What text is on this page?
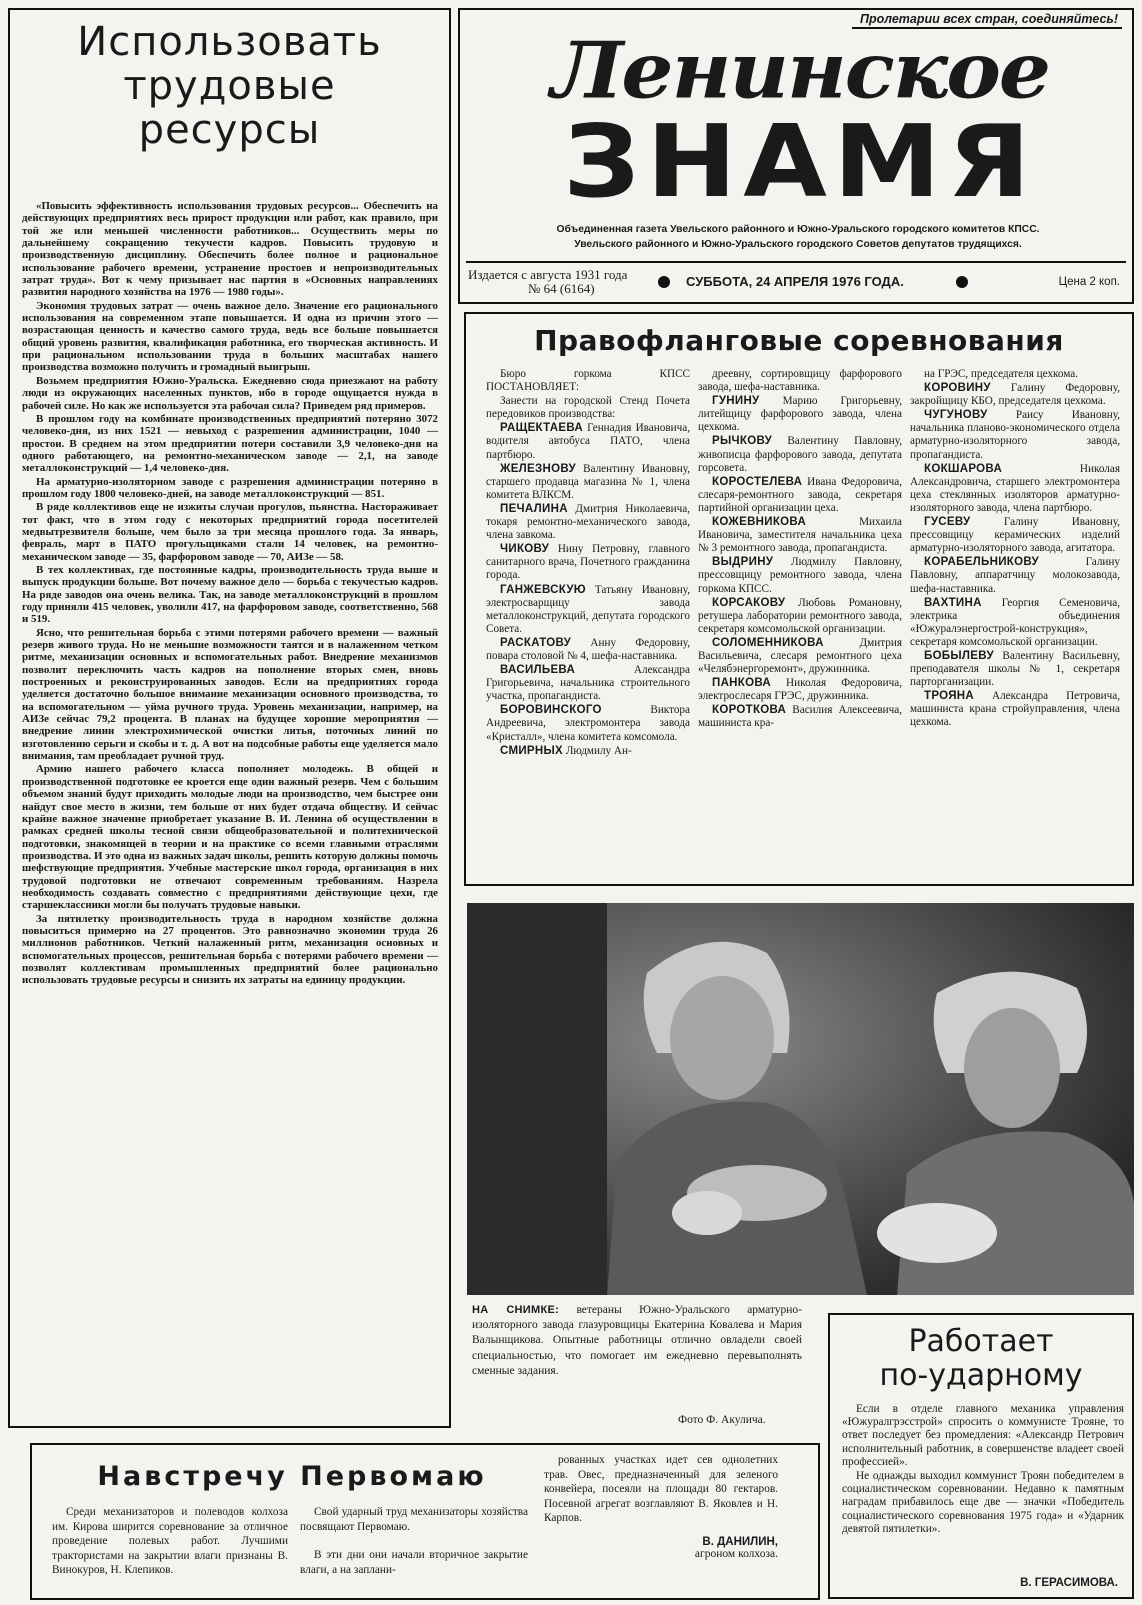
Использовать
трудовые
ресурсы

«Повысить эффективность использования трудовых ресурсов... Обеспечить на действующих предприятиях весь прирост продукции или работ, как правило, при той же или меньшей численности работников... Осуществить меры по дальнейшему сокращению текучести кадров. Повысить трудовую и производственную дисциплину. Обеспечить более полное и рациональное использование рабочего времени, устранение простоев и непроизводительных затрат труда». Вот к чему призывает нас партия в «Основных направлениях развития народного хозяйства на 1976 — 1980 годы».

Экономия трудовых затрат — очень важное дело. Значение его рационального использования на современном этапе повышается. И одна из причин этого — возрастающая ценность и качество самого труда, ведь все больше повышается общий уровень развития, квалификация работника, его творческая активность. И при рациональном использовании труда в больших масштабах нашего производства возможно получить и громадный выигрыш.

Возьмем предприятия Южно-Уральска. Ежедневно сюда приезжают на работу люди из окружающих населенных пунктов, ибо в городе ощущается нужда в рабочей силе. Но как же используется эта рабочая сила? Приведем ряд примеров.

В прошлом году на комбинате производственных предприятий потеряно 3072 человеко-дня, из них 1521 — невыход с разрешения администрации, 1040 — простои. В среднем на этом предприятии потери составили 3,9 человеко-дня на одного работающего, на ремонтно-механическом заводе — 2,1, на заводе металлоконструкций — 1,4 человеко-дня.

На арматурно-изоляторном заводе с разрешения администрации потеряно в прошлом году 1800 человеко-дней, на заводе металлоконструкций — 851.

В ряде коллективов еще не изжиты случаи прогулов, пьянства. Настораживает тот факт, что в этом году с некоторых предприятий города посетителей медвытрезвителя больше, чем было за три месяца прошлого года. За январь, февраль, март в ПАТО прогульщиками стали 14 человек, на ремонтно-механическом заводе — 35, фарфоровом заводе — 70, АИЗе — 58.

В тех коллективах, где постоянные кадры, производительность труда выше и выпуск продукции больше. Вот почему важное дело — борьба с текучестью кадров. На ряде заводов она очень велика. Так, на заводе металлоконструкций в прошлом году приняли 415 человек, уволили 417, на фарфоровом заводе, соответственно, 568 и 519.

Ясно, что решительная борьба с этими потерями рабочего времени — важный резерв живого труда. Но не меньшие возможности таятся и в налаженном четком ритме, механизации основных и вспомогательных работ. Внедрение механизмов позволит переключить часть кадров на пополнение вторых смен, вновь построенных и реконструированных заводов. Если на предприятиях города уделяется достаточно большое внимание механизации основного производства, то на вспомогательном — уйма ручного труда. Уровень механизации, например, на АИЗе сейчас 79,2 процента. В планах на будущее хорошие мероприятия — внедрение линии электрохимической очистки литья, поточных линий по изготовлению серьги и скобы и т. д. А вот на подсобные работы еще уделяется мало внимания, там преобладает ручной труд.

Армию нашего рабочего класса пополняет молодежь. В общей и производственной подготовке ее кроется еще один важный резерв. Чем с большим объемом знаний будут приходить молодые люди на производство, чем быстрее они найдут свое место в жизни, тем больше от них будет отдача обществу. И сейчас крайне важное значение приобретает указание В. И. Ленина об осуществлении в рамках средней школы тесной связи общеобразовательной и политехнической подготовки, знакомящей в теории и на практике со всеми главными отраслями производства. И это одна из важных задач школы, решить которую должны помочь шефствующие предприятия. Учебные мастерские школ города, организация в них трудовой подготовки не отвечают современным требованиям. Назрела необходимость создавать совместно с предприятиями действующие цехи, где старшеклассники могли бы получать трудовые навыки.

За пятилетку производительность труда в народном хозяйстве должна повыситься примерно на 27 процентов. Это равнозначно экономии труда 26 миллионов работников. Четкий налаженный ритм, механизация основных и вспомогательных процессов, решительная борьба с потерями рабочего времени — позволят коллективам промышленных предприятий более рационально использовать трудовые ресурсы и снизить их затраты на единицу продукции.

Пролетарии всех стран, соединяйтесь!
Ленинское
ЗНАМЯ
Объединенная газета Увельского районного и Южно-Уральского городского комитетов КПСС.
Увельского районного и Южно-Уральского городского Советов депутатов трудящихся.
Издается с августа 1931 года
№ 64 (6164)	СУББОТА, 24 АПРЕЛЯ 1976 ГОДА.	Цена 2 коп.
Правофланговые соревнования

Бюро горкома КПСС ПОСТАНОВЛЯЕТ:

Занести на городской Стенд Почета передовиков производства:

РАЩЕКТАЕВА Геннадия Ивановича, водителя автобуса ПАТО, члена партбюро.

ЖЕЛЕЗНОВУ Валентину Ивановну, старшего продавца магазина № 1, члена комитета ВЛКСМ.

ПЕЧАЛИНА Дмитрия Николаевича, токаря ремонтно-механического завода, члена завкома.

ЧИКОВУ Нину Петровну, главного санитарного врача, Почетного гражданина города.

ГАНЖЕВСКУЮ Татьяну Ивановну, электросварщицу завода металлоконструкций, депутата городского Совета.

РАСКАТОВУ Анну Федоровну, повара столовой № 4, шефа-наставника.

ВАСИЛЬЕВА Александра Григорьевича, начальника строительного участка, пропагандиста.

БОРОВИНСКОГО Виктора Андреевича, электромонтера завода «Кристалл», члена комитета комсомола.

СМИРНЫХ Людмилу Ан-

дреевну, сортировщицу фарфорового завода, шефа-наставника.

ГУНИНУ Марию Григорьевну, литейщицу фарфорового завода, члена цехкома.

РЫЧКОВУ Валентину Павловну, живописца фарфорового завода, депутата горсовета.

КОРОСТЕЛЕВА Ивана Федоровича, слесаря-ремонтного завода, секретаря партийной организации цеха.

КОЖЕВНИКОВА Михаила Ивановича, заместителя начальника цеха № 3 ремонтного завода, пропагандиста.

ВЫДРИНУ Людмилу Павловну, прессовщицу ремонтного завода, члена горкома КПСС.

КОРСАКОВУ Любовь Романовну, ретушера лаборатории ремонтного завода, секретаря комсомольской организации.

СОЛОМЕННИКОВА Дмитрия Васильевича, слесаря ремонтного цеха «Челябэнергоремонт», дружинника.

ПАНКОВА Николая Федоровича, электрослесаря ГРЭС, дружинника.

КОРОТКОВА Василия Алексеевича, машиниста кра-

на ГРЭС, председателя цехкома.

КОРОВИНУ Галину Федоровну, закройщицу КБО, председателя цехкома.

ЧУГУНОВУ Раису Ивановну, начальника планово-экономического отдела арматурно-изоляторного завода, пропагандиста.

КОКШАРОВА Николая Александровича, старшего электромонтера цеха стеклянных изоляторов арматурно-изоляторного завода, члена партбюро.

ГУСЕВУ Галину Ивановну, прессовщицу керамических изделий арматурно-изоляторного завода, агитатора.

КОРАБЕЛЬНИКОВУ Галину Павловну, аппаратчицу молокозавода, шефа-наставника.

ВАХТИНА Георгия Семеновича, электрика объединения «Южуралэнергострой-конструкция», секретаря комсомольской организации.

БОБЫЛЕВУ Валентину Васильевну, преподавателя школы № 1, секретаря парторганизации.

ТРОЯНА Александра Петровича, машиниста крана стройуправления, члена цехкома.

НА СНИМКЕ: ветераны Южно-Уральского арматурно-изоляторного завода глазуровщицы Екатерина Ковалева и Мария Валынщикова. Опытные работницы отлично овладели своей специальностью, что помогает им ежедневно перевыполнять сменные задания.

Фото Ф. Акулича.
Работает
по-ударному

Если в отделе главного механика управления «Южуралгрэсстрой» спросить о коммунисте Трояне, то ответ последует без промедления: «Александр Петрович исполнительный работник, в совершенстве владеет своей профессией».

Не однажды выходил коммунист Троян победителем в социалистическом соревновании. Недавно к памятным наградам прибавилось еще две — значки «Победитель социалистического соревнования 1975 года» и «Ударник девятой пятилетки».

В. ГЕРАСИМОВА.
Навстречу Первомаю

Среди механизаторов и полеводов колхоза им. Кирова ширится соревнование за отличное проведение полевых работ. Лучшими трактористами на закрытии влаги признаны В. Винокуров, Н. Клепиков.

Свой ударный труд механизаторы хозяйства посвящают Первомаю.

В эти дни они начали вторичное закрытие влаги, а на заплани-

рованных участках идет сев однолетних трав. Овес, предназначенный для зеленого конвейера, посеяли на площади 80 гектаров. Посевной агрегат возглавляют В. Яковлев и Н. Карпов.

В. ДАНИЛИН,
агроном колхоза.
